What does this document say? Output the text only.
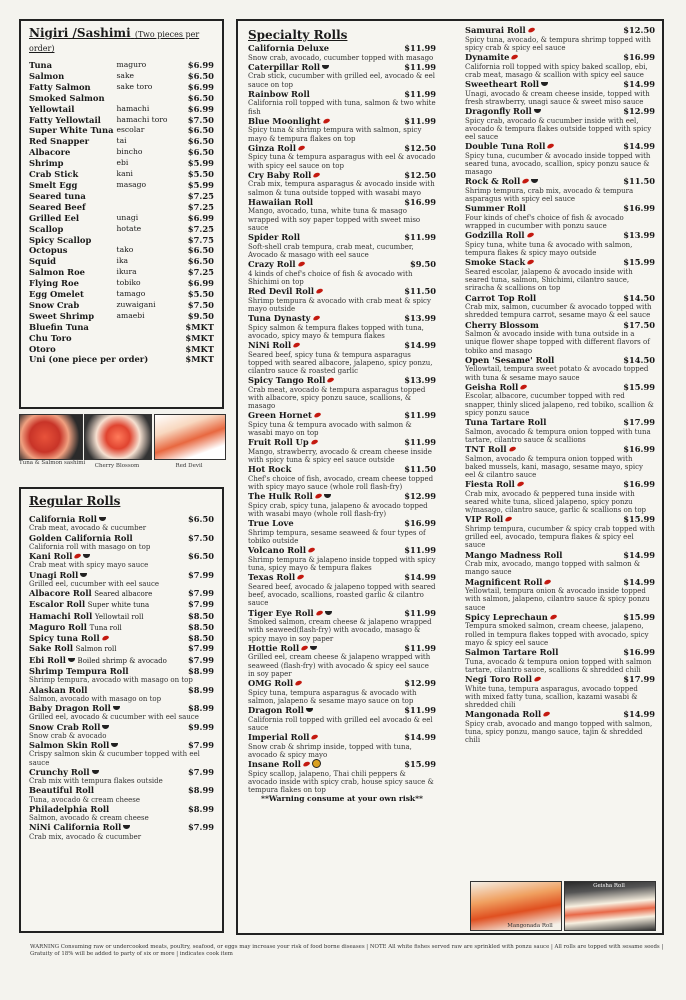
Nigiri /Sashimi (Two pieces per order)
Tuna	maguro	$6.99
Salmon	sake	$6.50
Fatty Salmon	sake toro	$6.99
Smoked Salmon	$6.50
Yellowtail	hamachi	$6.99
Fatty Yellowtail	hamachi toro	$7.50
Super White Tuna escolar	$6.50
Red Snapper	tai	$6.50
Albacore	bincho	$6.50
Shrimp	ebi	$5.99
Crab Stick	kani	$5.50
Smelt Egg	masago	$5.99
Seared tuna	$7.25
Seared Beef	$7.25
Grilled Eel	unagi	$6.99
Scallop	hotate	$7.25
Spicy Scallop	$7.75
Octopus	tako	$6.50
Squid	ika	$6.50
Salmon Roe	ikura	$7.25
Flying Roe	tobiko	$6.99
Egg Omelet	tamago	$5.50
Snow Crab	zuwaigani	$7.50
Sweet Shrimp	amaebi	$9.50
Bluefin Tuna	$MKT
Chu Toro	$MKT
Otoro	$MKT
Uni (one piece per order)	$MKT
Tuna & Salmon sashimi	Cherry Blossom	Red Devil
Regular Rolls
California Roll	$6.50
Crab meat, avocado & cucumber
Golden California Roll	$7.50
California roll with masago on top
Kani Roll	$6.50
Crab meat with spicy mayo sauce
Unagi Roll	$7.99
Grilled eel, cucumber with eel sauce
Albacore Roll Seared albacore	$7.99
Escalor Roll Super white tuna	$7.99
Hamachi Roll Yellowtail roll	$8.50
Maguro Roll Tuna roll	$8.50
Spicy tuna Roll	$8.50
Sake Roll Salmon roll	$7.99
Ebi Roll Boiled shrimp & avocado	$7.99
Shrimp Tempura Roll	$8.99
Shrimp tempura, avocado with masago on top
Alaskan Roll	$8.99
Salmon, avocado with masago on top
Baby Dragon Roll	$8.99
Grilled eel, avocado & cucumber with eel sauce
Snow Crab Roll	$9.99
Snow crab & avocado
Salmon Skin Roll	$7.99
Crispy salmon skin & cucumber topped with eel sauce
Crunchy Roll	$7.99
Crab mix with tempura flakes outside
Beautiful Roll	$8.99
Tuna, avocado & cream cheese
Philadelphia Roll	$8.99
Salmon, avocado & cream cheese
NiNi California Roll	$7.99
Crab mix, avocado & cucumber
Specialty Rolls
California Deluxe	$11.99
Snow crab, avocado, cucumber topped with masago
Caterpillar Roll	$11.99
Crab stick, cucumber with grilled eel, avocado & eel sauce on top
Rainbow Roll	$11.99
California roll topped with tuna, salmon & two white fish
Blue Moonlight	$11.99
Spicy tuna & shrimp tempura with salmon, spicy mayo & tempura flakes on top
Ginza Roll	$12.50
Spicy tuna & tempura asparagus with eel & avocado with spicy eel sauce on top
Cry Baby Roll	$12.50
Crab mix, tempura asparagus & avocado inside with salmon & tuna outside topped with wasabi mayo
Hawaiian Roll	$16.99
Mango, avocado, tuna, white tuna & masago wrapped with soy paper topped with sweet miso sauce
Spider Roll	$11.99
Soft-shell crab tempura, crab meat, cucumber, Avocado & masago with eel sauce
Crazy Roll	$9.50
4 kinds of chef's choice of fish & avocado with Shichimi on top
Red Devil Roll	$11.50
Shrimp tempura & avocado with crab meat & spicy mayo outside
Tuna Dynasty	$13.99
Spicy salmon & tempura flakes topped with tuna, avocado, spicy mayo & tempura flakes
NiNi Roll	$14.99
Seared beef, spicy tuna & tempura asparagus topped with seared albacore, jalapeno, spicy ponzu, cilantro sauce & roasted garlic
Spicy Tango Roll	$13.99
Crab meat, avocado & tempura asparagus topped with albacore, spicy ponzu sauce, scallions, & masago
Green Hornet	$11.99
Spicy tuna & tempura avocado with salmon & wasabi mayo on top
Fruit Roll Up	$11.99
Mango, strawberry, avocado & cream cheese inside with spicy tuna & spicy eel sauce outside
Hot Rock	$11.50
Chef's choice of fish, avocado, cream cheese topped with spicy mayo sauce (whole roll flash-fry)
The Hulk Roll	$12.99
Spicy crab, spicy tuna, jalapeno & avocado topped with wasabi mayo (whole roll flash-fry)
True Love	$16.99
Shrimp tempura, sesame seaweed & four types of tobiko outside
Volcano Roll	$11.99
Shrimp tempura & jalapeno inside topped with spicy tuna, spicy mayo & tempura flakes
Texas Roll	$14.99
Seared beef, avocado & jalapeno topped with seared beef, avocado, scallions, roasted garlic & cilantro sauce
Tiger Eye Roll	$11.99
Smoked salmon, cream cheese & jalapeno wrapped with seaweed(flash-fry) with avocado, masago & spicy mayo in soy paper
Hottie Roll	$11.99
Grilled eel, cream cheese & jalapeno wrapped with seaweed (flash-fry) with avocado & spicy eel sauce in soy paper
OMG Roll	$12.99
Spicy tuna, tempura asparagus & avocado with salmon, jalapeno & sesame mayo sauce on top
Dragon Roll	$11.99
California roll topped with grilled eel avocado & eel sauce
Imperial Roll	$14.99
Snow crab & shrimp inside, topped with tuna, avocado & spicy mayo
Insane Roll	$15.99
Spicy scallop, jalapeno, Thai chili peppers & avocado inside with spicy crab, house spicy sauce & tempura flakes on top
**Warning consume at your own risk**
Samurai Roll	$12.50
Spicy tuna, avocado, & tempura shrimp topped with spicy crab & spicy eel sauce
Dynamite	$16.99
California roll topped with spicy baked scallop, ebi, crab meat, masago & scallion with spicy eel sauce
Sweetheart Roll	$14.99
Unagi, avocado & cream cheese inside, topped with fresh strawberry, unagi sauce & sweet miso sauce
Dragonfly Roll	$12.99
Spicy crab, avocado & cucumber inside with eel, avocado & tempura flakes outside topped with spicy eel sauce
Double Tuna Roll	$14.99
Spicy tuna, cucumber & avocado inside topped with seared tuna, avocado, scallion, spicy ponzu sauce & masago
Rock & Roll	$11.50
Shrimp tempura, crab mix, avocado & tempura asparagus with spicy eel sauce
Summer Roll	$16.99
Four kinds of chef's choice of fish & avocado wrapped in cucumber with ponzu sauce
Godzilla Roll	$13.99
Spicy tuna, white tuna & avocado with salmon, tempura flakes & spicy mayo outside
Smoke Stack	$15.99
Seared escolar, jalapeno & avocado inside with seared tuna, salmon, Shichimi, cilantro sauce, sriracha & scallions on top
Carrot Top Roll	$14.50
Crab mix, salmon, cucumber & avocado topped with shredded tempura carrot, sesame mayo & eel sauce
Cherry Blossom	$17.50
Salmon & avocado inside with tuna outside in a unique flower shape topped with different flavors of tobiko and masago
Open 'Sesame' Roll	$14.50
Yellowtail, tempura sweet potato & avocado topped with tuna & sesame mayo sauce
Geisha Roll	$15.99
Escolar, albacore, cucumber topped with red snapper, thinly sliced jalapeno, red tobiko, scallion & spicy ponzu sauce
Tuna Tartare Roll	$17.99
Salmon, avocado & tempura onion topped with tuna tartare, cilantro sauce & scallions
TNT Roll	$16.99
Salmon, avocado & tempura onion topped with baked mussels, kani, masago, sesame mayo, spicy eel & cilantro sauce
Fiesta Roll	$16.99
Crab mix, avocado & peppered tuna inside with seared white tuna, sliced jalapeno, spicy ponzu w/masago, cilantro sauce, garlic & scallions on top
VIP Roll	$15.99
Shrimp tempura, cucumber & spicy crab topped with grilled eel, avocado, tempura flakes & spicy eel sauce
Mango Madness Roll	$14.99
Crab mix, avocado, mango topped with salmon & mango sauce
Magnificent Roll	$14.99
Yellowtail, tempura onion & avocado inside topped with salmon, jalapeno, cilantro sauce & spicy ponzu sauce
Spicy Leprechaun	$15.99
Tempura smoked salmon, cream cheese, jalapeno, rolled in tempura flakes topped with avocado, spicy mayo & spicy eel sauce
Salmon Tartare Roll	$16.99
Tuna, avocado & tempura onion topped with salmon tartare, cilantro sauce, scallions & shredded chili
Negi Toro Roll	$17.99
White tuna, tempura asparagus, avocado topped with mixed fatty tuna, scallion, kazami wasabi & shredded chili
Mangonada Roll	$14.99
Spicy crab, avocado and mango topped with salmon, tuna, spicy ponzu, mango sauce, tajin & shredded chili
Mangonada Roll
Geisha Roll
WARNING Consuming raw or undercooked meats, poultry, seafood, or eggs may increase your risk of food borne diseases | NOTE All white fishes served raw are sprinkled with ponzu sauce | All rolls are topped with sesame seeds | Gratuity of 18% will be added to party of six or more | indicates cook item
